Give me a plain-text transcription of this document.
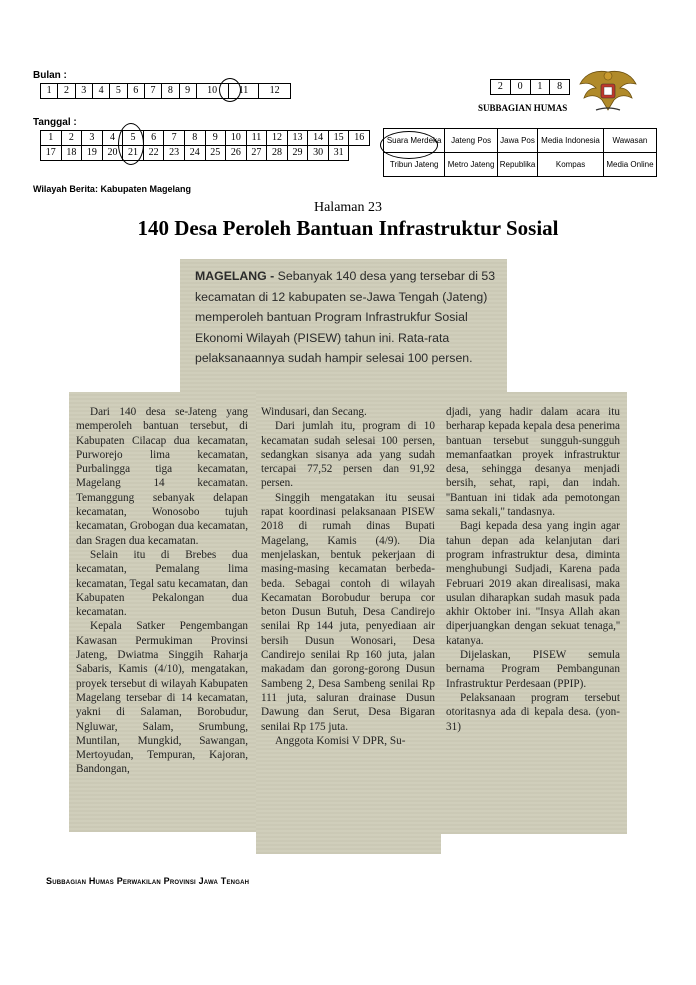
Bulan :
1	2	3	4	5	6	7	8	9	10	11	12
Tanggal :
1	2	3	4	5	6	7	8	9	10	11	12	13	14	15	16
17	18	19	20	21	22	23	24	25	26	27	28	29	30	31	
Wilayah Berita: Kabupaten Magelang
2	0	1	8
SUBBAGIAN HUMAS
Suara Merdeka	Jateng Pos	Jawa Pos	Media Indonesia	Wawasan
Tribun Jateng	Metro Jateng	Republika	Kompas	Media Online
Halaman 23
140 Desa Peroleh Bantuan Infrastruktur Sosial
MAGELANG - Sebanyak 140 desa yang tersebar di 53 kecamatan di 12 kabupaten se-Jawa Tengah (Jateng) memperoleh bantuan Program Infrastrukfur Sosial Ekonomi Wilayah (PISEW) tahun ini. Rata-rata pelaksanaannya sudah hampir selesai 100 persen.

Dari 140 desa se-Jateng yang memperoleh bantuan tersebut, di Kabupaten Cilacap dua kecamatan, Purworejo lima kecamatan, Purbalingga tiga kecamatan, Magelang 14 kecamatan. Temanggung sebanyak delapan kecamatan, Wonosobo tujuh kecamatan, Grobogan dua kecamatan, dan Sragen dua kecamatan.

Selain itu di Brebes dua kecamatan, Pemalang lima kecamatan, Tegal satu kecamatan, dan Kabupaten Pekalongan dua kecamatan.

Kepala Satker Pengembangan Kawasan Permukiman Provinsi Jateng, Dwiatma Singgih Raharja Sabaris, Kamis (4/10), mengatakan, proyek tersebut di wilayah Kabupaten Magelang tersebar di 14 kecamatan, yakni di Salaman, Borobudur, Ngluwar, Salam, Srumbung, Muntilan, Mungkid, Sawangan, Mertoyudan, Tempuran, Kajoran, Bandongan,

Windusari, dan Secang.

Dari jumlah itu, program di 10 kecamatan sudah selesai 100 persen, sedangkan sisanya ada yang sudah tercapai 77,52 persen dan 91,92 persen.

Singgih mengatakan itu seusai rapat koordinasi pelaksanaan PISEW 2018 di rumah dinas Bupati Magelang, Kamis (4/9). Dia menjelaskan, bentuk pekerjaan di masing-masing kecamatan berbeda-beda. Sebagai contoh di wilayah Kecamatan Borobudur berupa cor beton Dusun Butuh, Desa Candirejo senilai Rp 144 juta, penyediaan air bersih Dusun Wonosari, Desa Candirejo senilai Rp 160 juta, jalan makadam dan gorong-gorong Dusun Sambeng 2, Desa Sambeng senilai Rp 111 juta, saluran drainase Dusun Dawung dan Serut, Desa Bigaran senilai Rp 175 juta.

Anggota Komisi V DPR, Su-

djadi, yang hadir dalam acara itu berharap kepada kepala desa penerima bantuan tersebut sungguh-sungguh memanfaatkan proyek infrastruktur desa, sehingga desanya menjadi bersih, sehat, rapi, dan indah. ''Bantuan ini tidak ada pemotongan sama sekali,'' tandasnya.

Bagi kepada desa yang ingin agar tahun depan ada kelanjutan dari program infrastruktur desa, diminta menghubungi Sudjadi, Karena pada Februari 2019 akan direalisasi, maka usulan diharapkan sudah masuk pada akhir Oktober ini. ''Insya Allah akan diperjuangkan dengan sekuat tenaga,'' katanya.

Dijelaskan, PISEW semula bernama Program Pembangunan Infrastruktur Perdesaan (PPIP).

Pelaksanaan program tersebut otoritasnya ada di kepala desa. (yon-31)

Subbagian Humas Perwakilan Provinsi Jawa Tengah
